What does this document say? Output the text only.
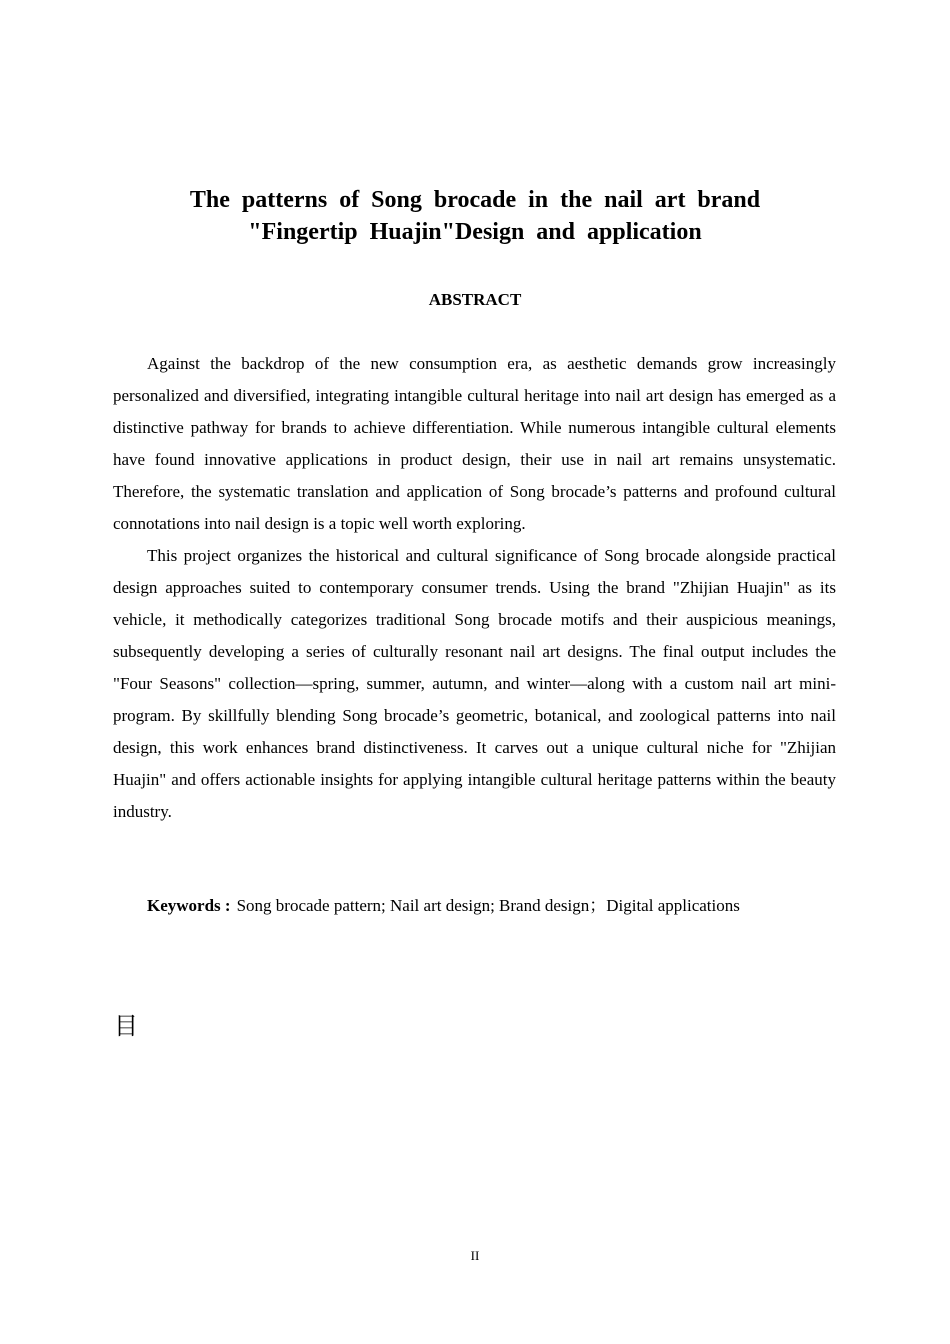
The patterns of Song brocade in the nail art brand
"Fingertip Huajin"Design and application
ABSTRACT

Against the backdrop of the new consumption era, as aesthetic demands grow increasingly personalized and diversified, integrating intangible cultural heritage into nail art design has emerged as a distinctive pathway for brands to achieve differentiation. While numerous intangible cultural elements have found innovative applications in product design, their use in nail art remains unsystematic. Therefore, the systematic translation and application of Song brocade’s patterns and profound cultural connotations into nail design is a topic well worth exploring.

This project organizes the historical and cultural significance of Song brocade alongside practical design approaches suited to contemporary consumer trends. Using the brand "Zhijian Huajin" as its vehicle, it methodically categorizes traditional Song brocade motifs and their auspicious meanings, subsequently developing a series of culturally resonant nail art designs. The final output includes the "Four Seasons" collection—spring, summer, autumn, and winter—along with a custom nail art mini-program. By skillfully blending Song brocade’s geometric, botanical, and zoological patterns into nail design, this work enhances brand distinctiveness. It carves out a unique cultural niche for "Zhijian Huajin" and offers actionable insights for applying intangible cultural heritage patterns within the beauty industry.

Keywords : Song brocade pattern; Nail art design; Brand design；Digital applications
目
II
